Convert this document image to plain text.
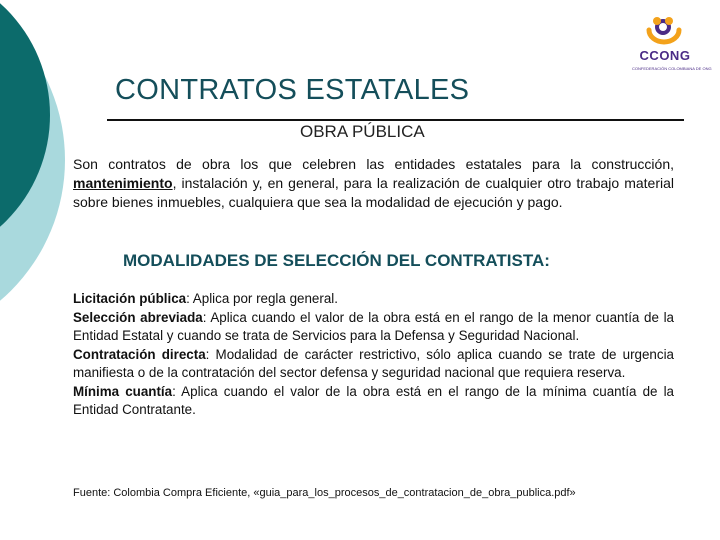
CCONG
CONFEDERACIÓN COLOMBIANA DE ONG
CONTRATOS ESTATALES
OBRA PÚBLICA
Son contratos de obra los que celebren las entidades estatales para la construcción, mantenimiento, instalación y, en general, para la realización de cualquier otro trabajo material sobre bienes inmuebles, cualquiera que sea la modalidad de ejecución y pago.
MODALIDADES DE SELECCIÓN DEL CONTRATISTA:

Licitación pública: Aplica por regla general.

Selección abreviada: Aplica cuando el valor de la obra está en el rango de la menor cuantía de la Entidad Estatal y cuando se trata de Servicios para la Defensa y Seguridad Nacional.

Contratación directa: Modalidad de carácter restrictivo, sólo aplica cuando se trate de urgencia manifiesta o de la contratación del sector defensa y seguridad nacional que requiera reserva.

Mínima cuantía: Aplica cuando el valor de la obra está en el rango de la mínima cuantía de la Entidad Contratante.

Fuente: Colombia Compra Eficiente, «guia_para_los_procesos_de_contratacion_de_obra_publica.pdf»
